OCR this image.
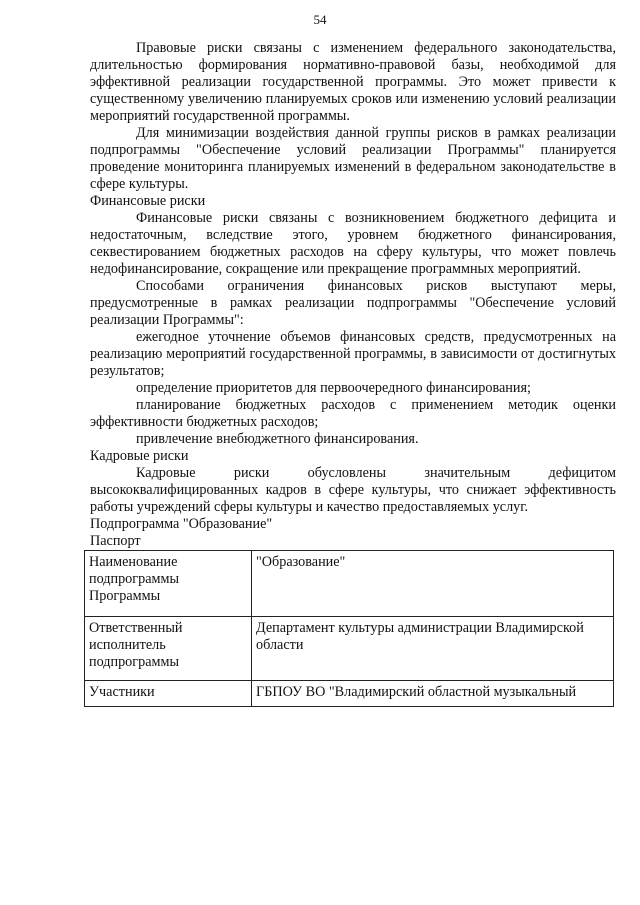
54

Правовые риски связаны с изменением федерального законодательства, длительностью формирования нормативно-правовой базы, необходимой для эффективной реализации государственной программы. Это может привести к существенному увеличению планируемых сроков или изменению условий реализации мероприятий государственной программы.

Для минимизации воздействия данной группы рисков в рамках реализации подпрограммы "Обеспечение условий реализации Программы" планируется проведение мониторинга планируемых изменений в федеральном законодательстве в сфере культуры.

Финансовые риски

Финансовые риски связаны с возникновением бюджетного дефицита и недостаточным, вследствие этого, уровнем бюджетного финансирования, секвестированием бюджетных расходов на сферу культуры, что может повлечь недофинансирование, сокращение или прекращение программных мероприятий.

Способами ограничения финансовых рисков выступают меры, предусмотренные в рамках реализации подпрограммы "Обеспечение условий реализации Программы":

ежегодное уточнение объемов финансовых средств, предусмотренных на реализацию мероприятий государственной программы, в зависимости от достигнутых результатов;

определение приоритетов для первоочередного финансирования;

планирование бюджетных расходов с применением методик оценки эффективности бюджетных расходов;

привлечение внебюджетного финансирования.

Кадровые риски

Кадровые риски обусловлены значительным дефицитом высококвалифицированных кадров в сфере культуры, что снижает эффективность работы учреждений сферы культуры и качество предоставляемых услуг.

Подпрограмма "Образование"

Паспорт

Наименование подпрограммы Программы	"Образование"
Ответственный исполнитель подпрограммы	Департамент культуры администрации Владимирской области
Участники	ГБПОУ ВО "Владимирский областной музыкальный
